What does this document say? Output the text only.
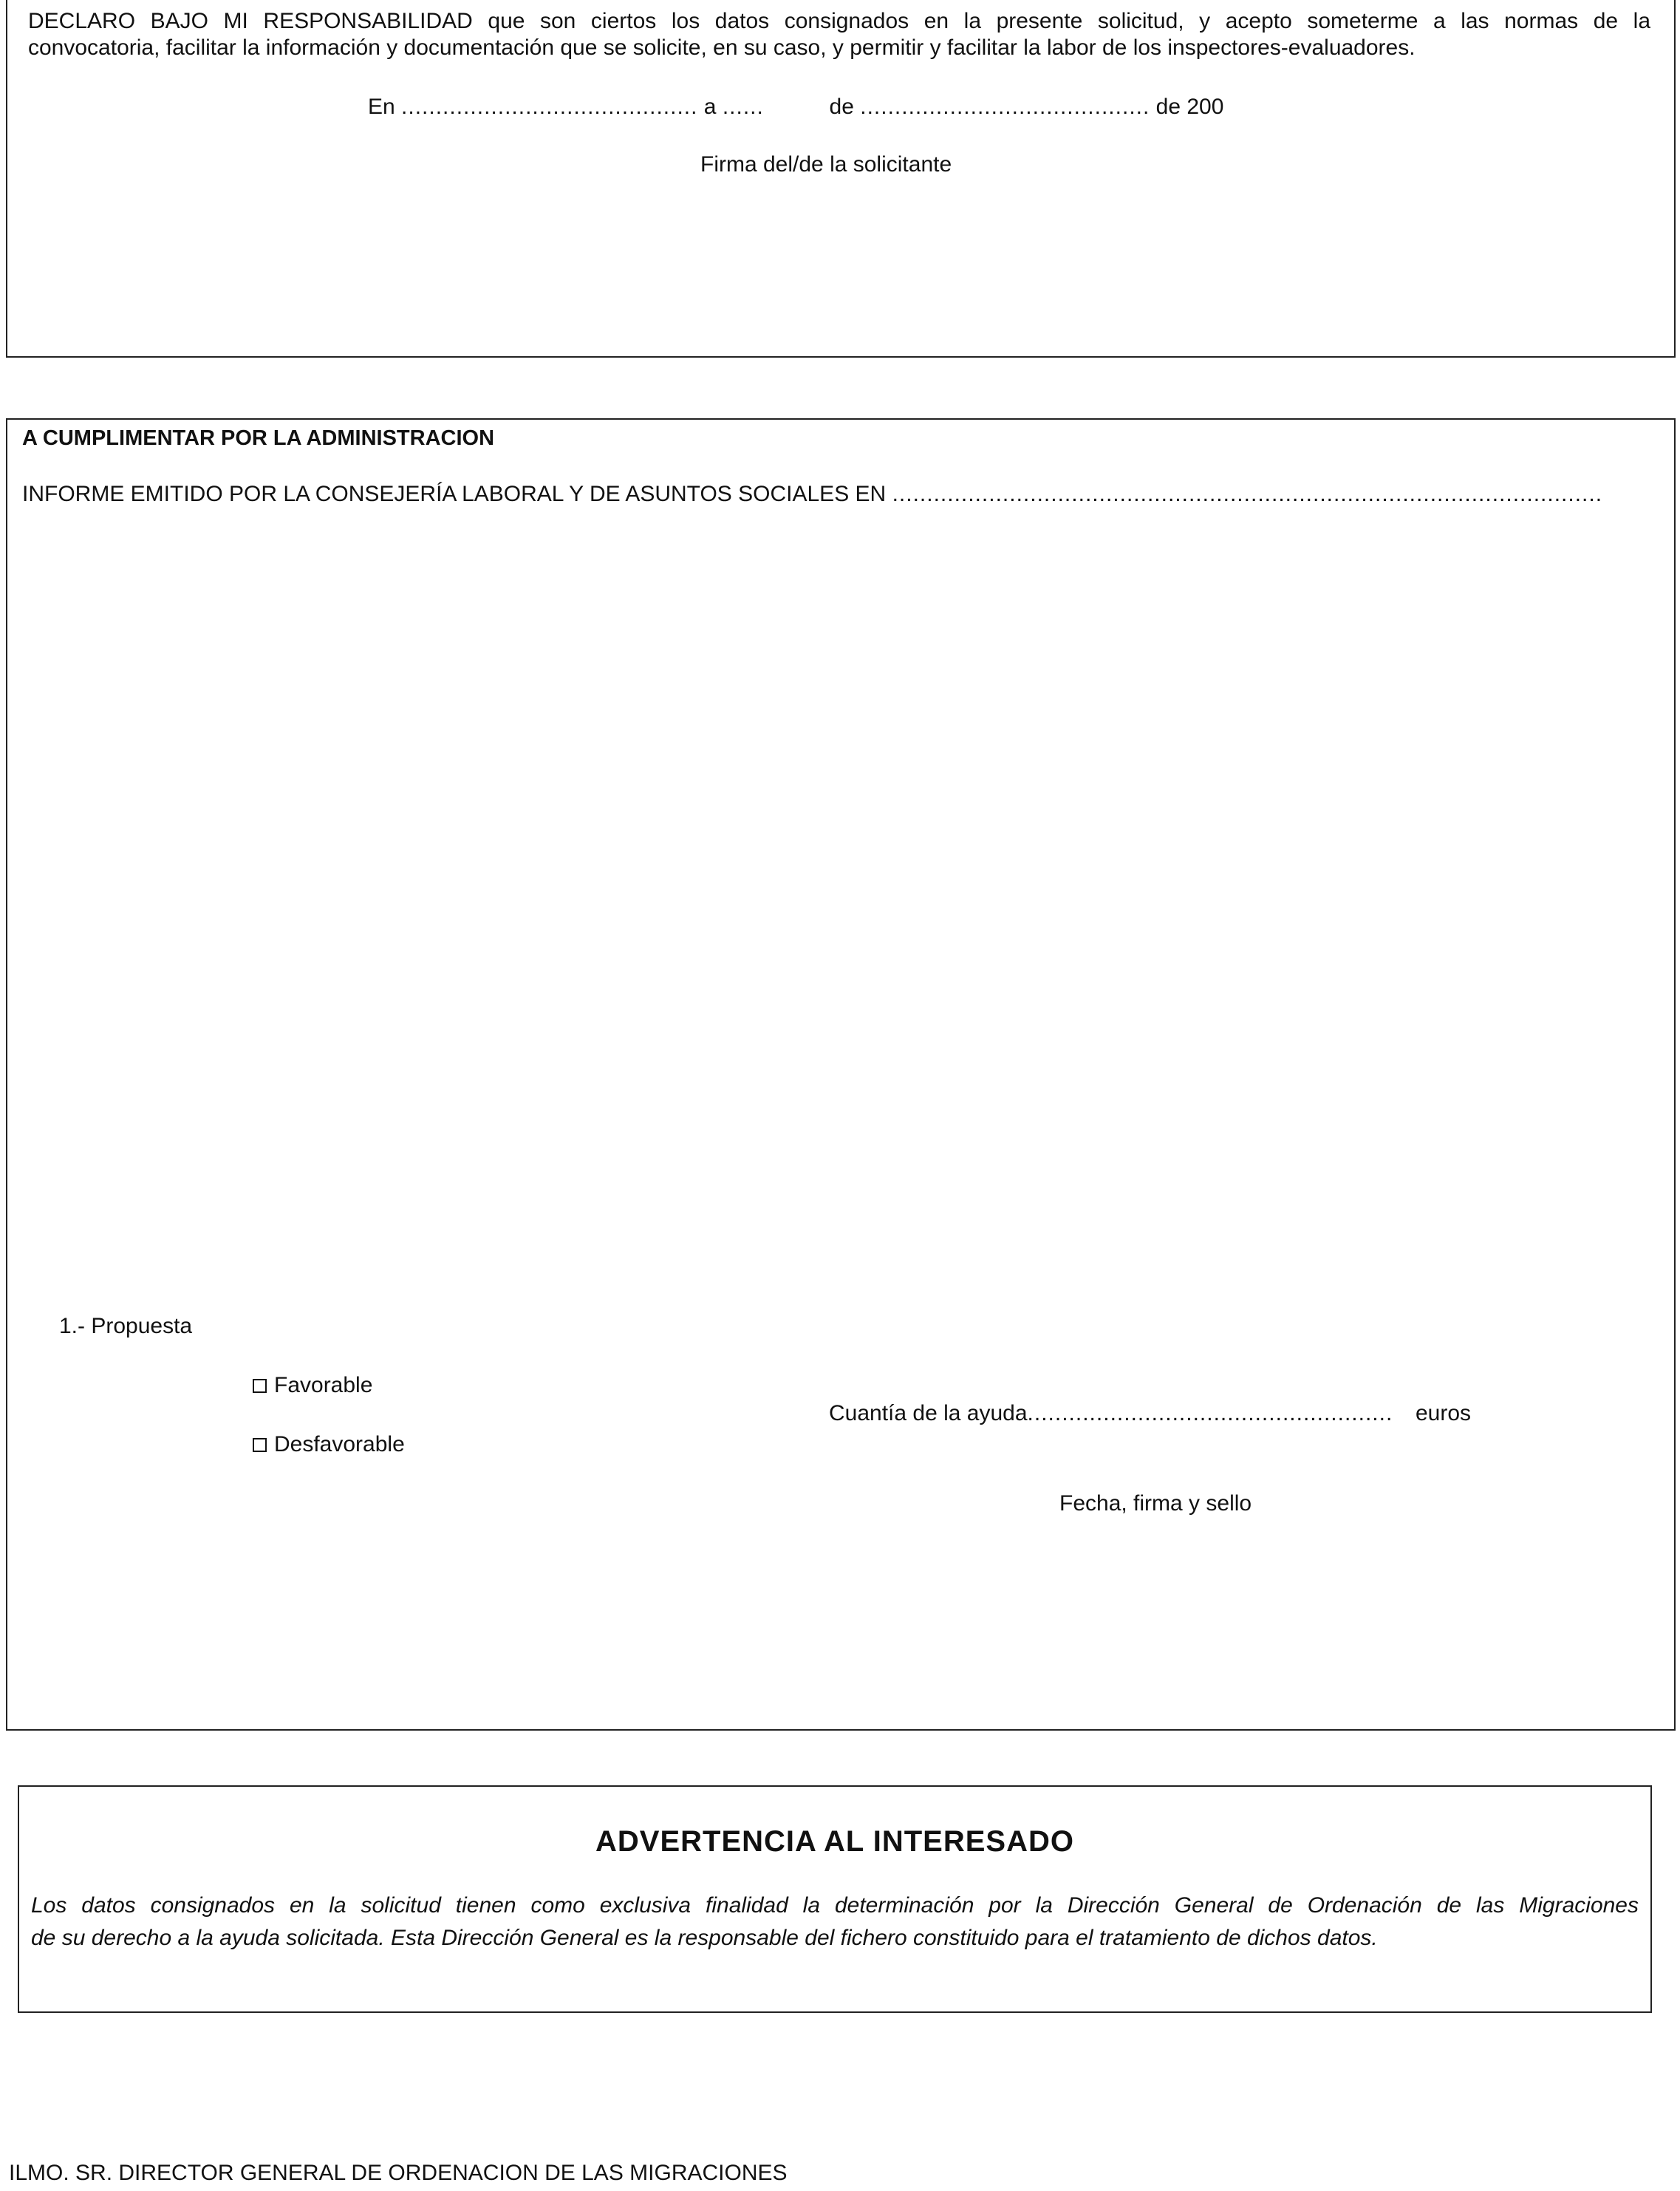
DECLARO BAJO MI RESPONSABILIDAD que son ciertos los datos consignados en la presente solicitud, y acepto someterme a las normas de la
convocatoria, facilitar la información y documentación que se solicite, en su caso, y permitir y facilitar la labor de los inspectores-evaluadores.
En ........................................... a ......	de .......................................... de 200
Firma del/de la solicitante
A CUMPLIMENTAR POR LA ADMINISTRACION
INFORME EMITIDO POR LA CONSEJERÍA LABORAL Y DE ASUNTOS SOCIALES EN .......................................................................................................
1.- Propuesta
Favorable
Desfavorable
Cuantía de la ayuda..................................................... euros
Fecha, firma y sello
ADVERTENCIA AL INTERESADO
Los datos consignados en la solicitud tienen como exclusiva finalidad la determinación por la Dirección General de Ordenación de las Migraciones
de su derecho a la ayuda solicitada. Esta Dirección General es la responsable del fichero constituido para el tratamiento de dichos datos.
ILMO. SR. DIRECTOR GENERAL DE ORDENACION DE LAS MIGRACIONES
